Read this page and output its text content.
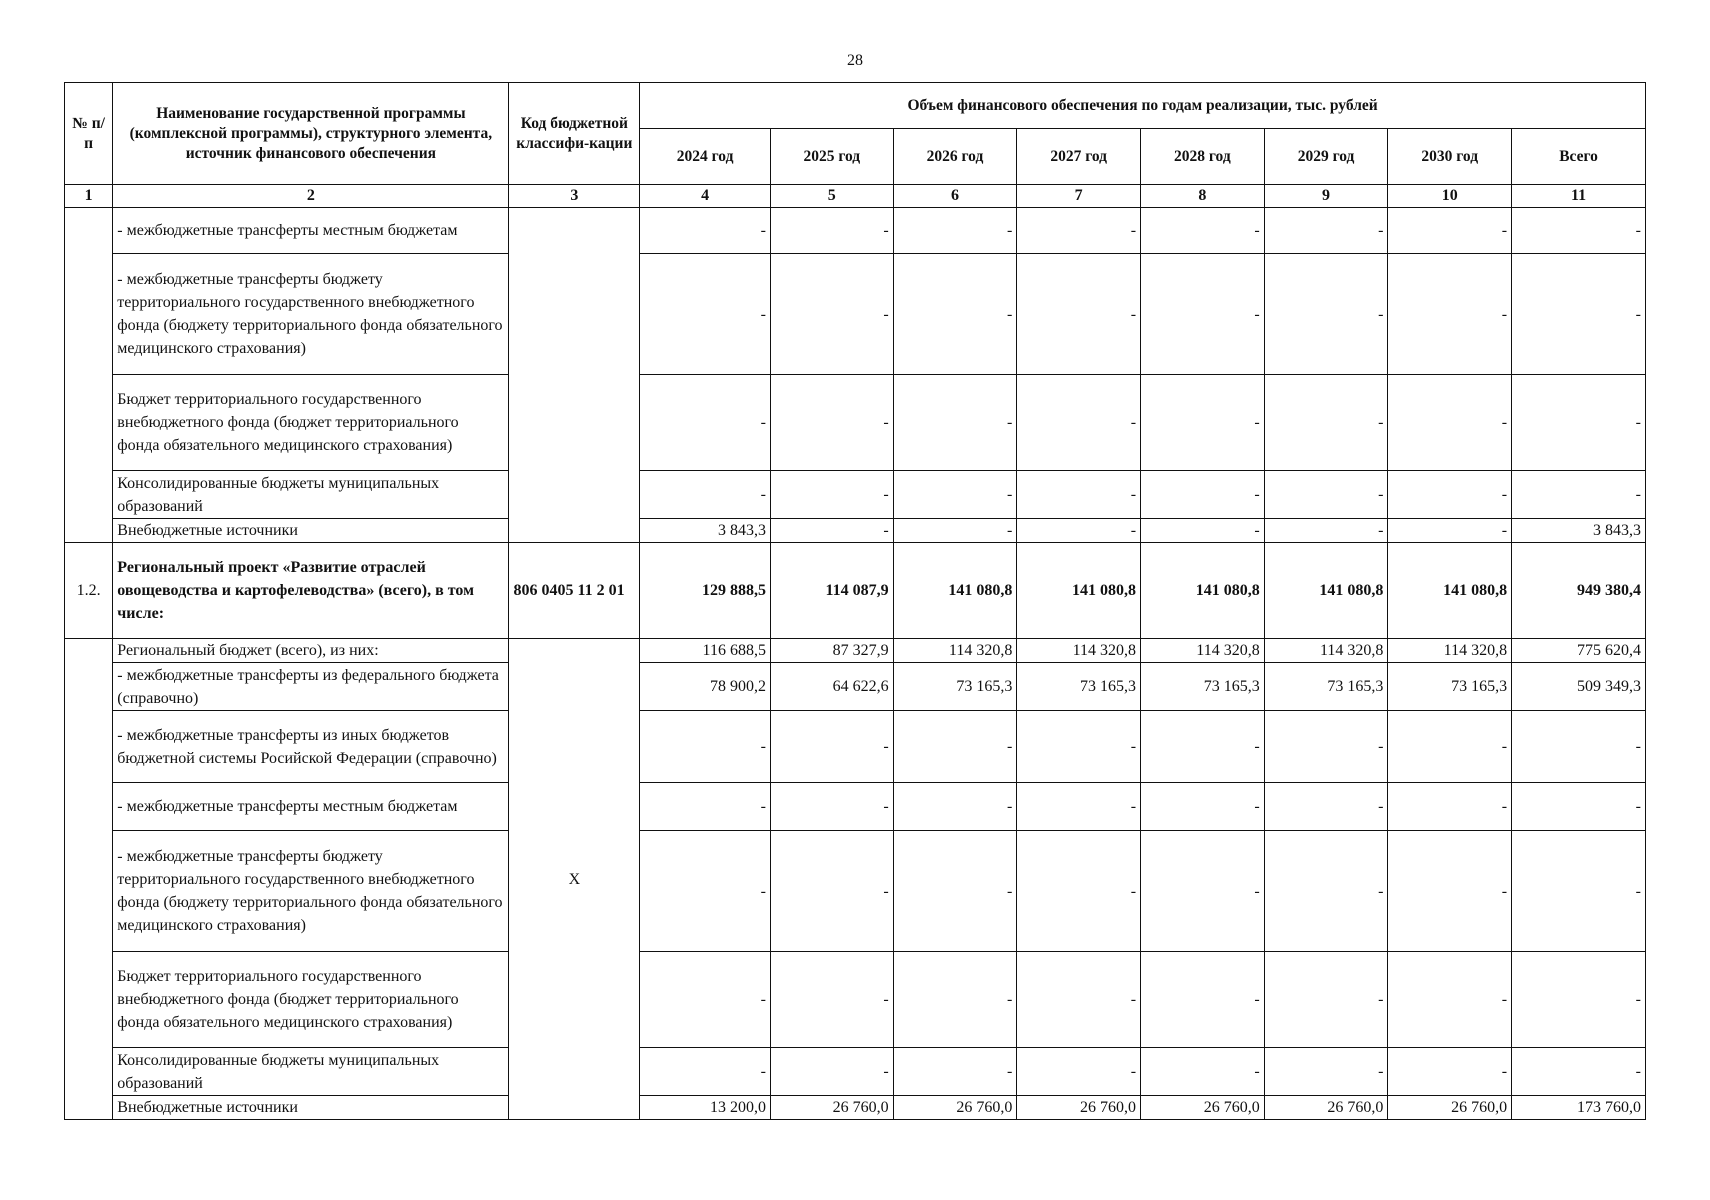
28
№ п/п	Наименование государственной программы (комплексной программы), структурного элемента, источник финансового обеспечения	Код бюджетной классифи-кации	Объем финансового обеспечения по годам реализации, тыс. рублей							
			2024 год	2025 год	2026 год	2027 год	2028 год	2029 год	2030 год	Всего
1	2	3	4	5	6	7	8	9	10	11
	- межбюджетные трансферты местным бюджетам		-	-	-	-	-	-	-	-
	- межбюджетные трансферты бюджету территориального государственного внебюджетного фонда (бюджету территориального фонда обязательного медицинского страхования)		-	-	-	-	-	-	-	-
	Бюджет территориального государственного внебюджетного фонда (бюджет территориального фонда обязательного медицинского страхования)		-	-	-	-	-	-	-	-
	Консолидированные бюджеты муниципальных образований		-	-	-	-	-	-	-	-
	Внебюджетные источники		3 843,3	-	-	-	-	-	-	3 843,3
1.2.	Региональный проект «Развитие отраслей овощеводства и картофелеводства» (всего), в том числе:	806 0405 11 2 01	129 888,5	114 087,9	141 080,8	141 080,8	141 080,8	141 080,8	141 080,8	949 380,4
	Региональный бюджет (всего), из них:	X	116 688,5	87 327,9	114 320,8	114 320,8	114 320,8	114 320,8	114 320,8	775 620,4
	- межбюджетные трансферты из федерального бюджета (справочно)		78 900,2	64 622,6	73 165,3	73 165,3	73 165,3	73 165,3	73 165,3	509 349,3
	- межбюджетные трансферты из иных бюджетов бюджетной системы Росийской Федерации (справочно)		-	-	-	-	-	-	-	-
	- межбюджетные трансферты местным бюджетам		-	-	-	-	-	-	-	-
	- межбюджетные трансферты бюджету территориального государственного внебюджетного фонда (бюджету территориального фонда обязательного медицинского страхования)		-	-	-	-	-	-	-	-
	Бюджет территориального государственного внебюджетного фонда (бюджет территориального фонда обязательного медицинского страхования)		-	-	-	-	-	-	-	-
	Консолидированные бюджеты муниципальных образований		-	-	-	-	-	-	-	-
	Внебюджетные источники		13 200,0	26 760,0	26 760,0	26 760,0	26 760,0	26 760,0	26 760,0	173 760,0
